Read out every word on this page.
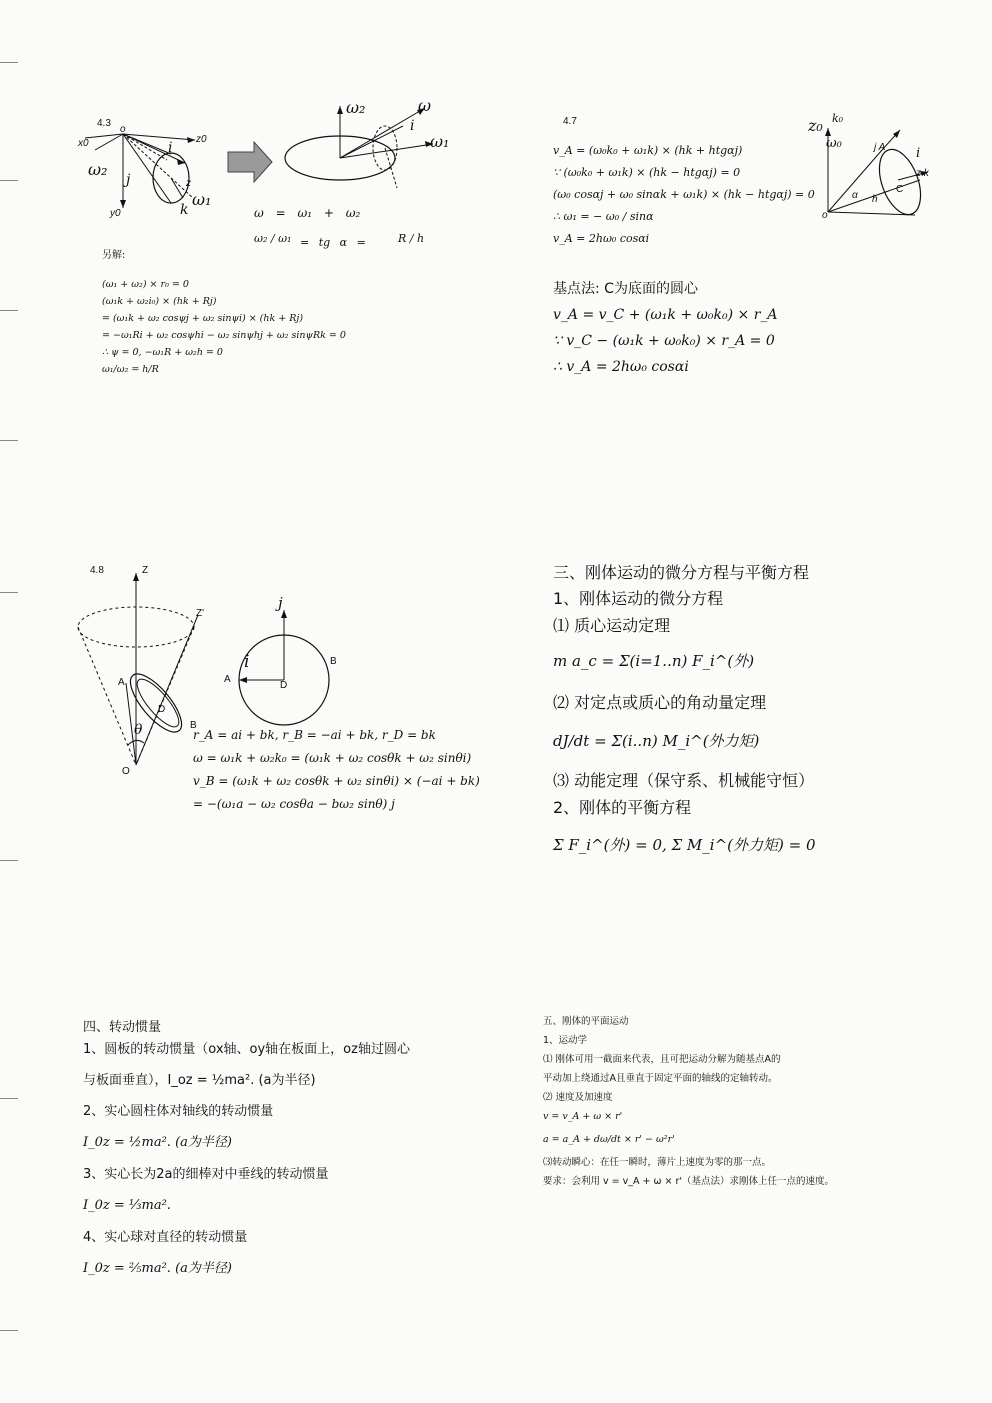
4.3
o
x0	z0
y0
ω₂
ω₁
i
j
k
z
ω₂	ω
ω₁
i
ω = ω₁ + ω₂
ω₂ / ω₁ = tg α =	R / h
另解:
(ω₁ + ω₂) × r₀ = 0
(ω₁k + ω₂i₀) × (hk + Rj)
= (ω₁k + ω₂ cosψj + ω₂ sinψi) × (hk + Rj)
= −ω₁Ri + ω₂ cosψhi − ω₂ sinψhj + ω₂ sinψRk = 0
∴ ψ = 0, −ω₁R + ω₂h = 0
ω₁/ω₂ = h/R
4.7
v_A = (ω₀k₀ + ω₁k) × (hk + htgαj)
∵ (ω₀k₀ + ω₁k) × (hk − htgαj) = 0
(ω₀ cosαj + ω₀ sinαk + ω₁k) × (hk − htgαj) = 0
∴ ω₁ = − ω₀ / sinα
v_A = 2hω₀ cosαi
z₀ k₀
ω₀	j A i
z k
C
α h
o
基点法: C为底面的圆心
v_A = v_C + (ω₁k + ω₀k₀) × r_A
∵ v_C − (ω₁k + ω₀k₀) × r_A = 0
∴ v_A = 2hω₀ cosαi
4.8	Z
Z'
A
D
B
θ
O
j
i
A
D
B
r_A = ai + bk, r_B = −ai + bk, r_D = bk
ω = ω₁k + ω₂k₀ = (ω₁k + ω₂ cosθk + ω₂ sinθi)
v_B = (ω₁k + ω₂ cosθk + ω₂ sinθi) × (−ai + bk)
= −(ω₁a − ω₂ cosθa − bω₂ sinθ) j
三、刚体运动的微分方程与平衡方程
1、刚体运动的微分方程
⑴ 质心运动定理
m a_c = Σ(i=1..n) F_i^(外)
⑵ 对定点或质心的角动量定理
dJ/dt = Σ(i..n) M_i^(外力矩)
⑶ 动能定理（保守系、机械能守恒）
2、刚体的平衡方程
Σ F_i^(外) = 0, Σ M_i^(外力矩) = 0
四、转动惯量
1、圆板的转动惯量（ox轴、oy轴在板面上，oz轴过圆心
与板面垂直），I_oz = ½ma². (a为半径)
2、实心圆柱体对轴线的转动惯量
I_0z = ½ma². (a为半径)
3、实心长为2a的细棒对中垂线的转动惯量
I_0z = ⅓ma².
4、实心球对直径的转动惯量
I_0z = ⅖ma². (a为半径)
五、刚体的平面运动
1、运动学
⑴ 刚体可用一截面来代表，且可把运动分解为随基点A的
平动加上绕通过A且垂直于固定平面的轴线的定轴转动。
⑵ 速度及加速度
v = v_A + ω × r'
a = a_A + dω/dt × r' − ω²r'
⑶转动瞬心：在任一瞬时，薄片上速度为零的那一点。
要求：会利用 v = v_A + ω × r'（基点法）求刚体上任一点的速度。
